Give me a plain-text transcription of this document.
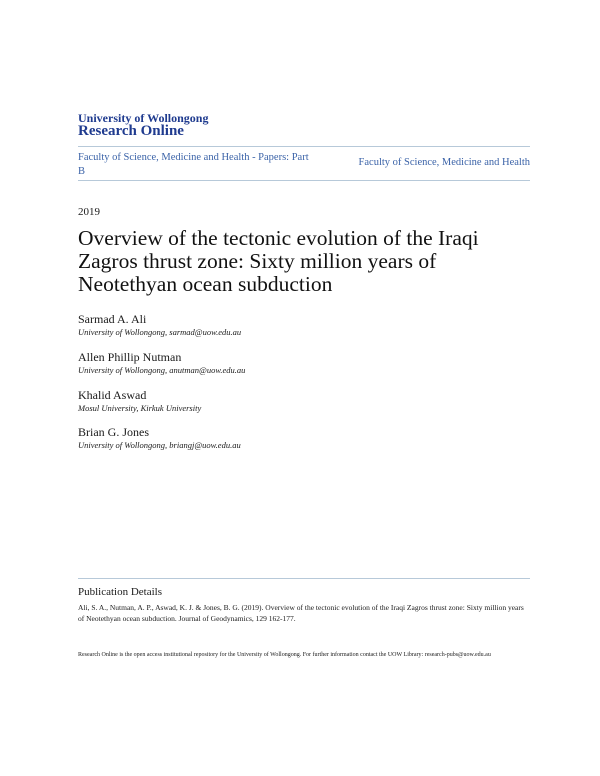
University of Wollongong
Research Online
Faculty of Science, Medicine and Health - Papers: Part B
Faculty of Science, Medicine and Health
2019
Overview of the tectonic evolution of the Iraqi Zagros thrust zone: Sixty million years of Neotethyan ocean subduction
Sarmad A. Ali
University of Wollongong, sarmad@uow.edu.au
Allen Phillip Nutman
University of Wollongong, anutman@uow.edu.au
Khalid Aswad
Mosul University, Kirkuk University
Brian G. Jones
University of Wollongong, briangj@uow.edu.au
Publication Details
Ali, S. A., Nutman, A. P., Aswad, K. J. & Jones, B. G. (2019). Overview of the tectonic evolution of the Iraqi Zagros thrust zone: Sixty million years of Neotethyan ocean subduction. Journal of Geodynamics, 129 162-177.
Research Online is the open access institutional repository for the University of Wollongong. For further information contact the UOW Library: research-pubs@uow.edu.au
